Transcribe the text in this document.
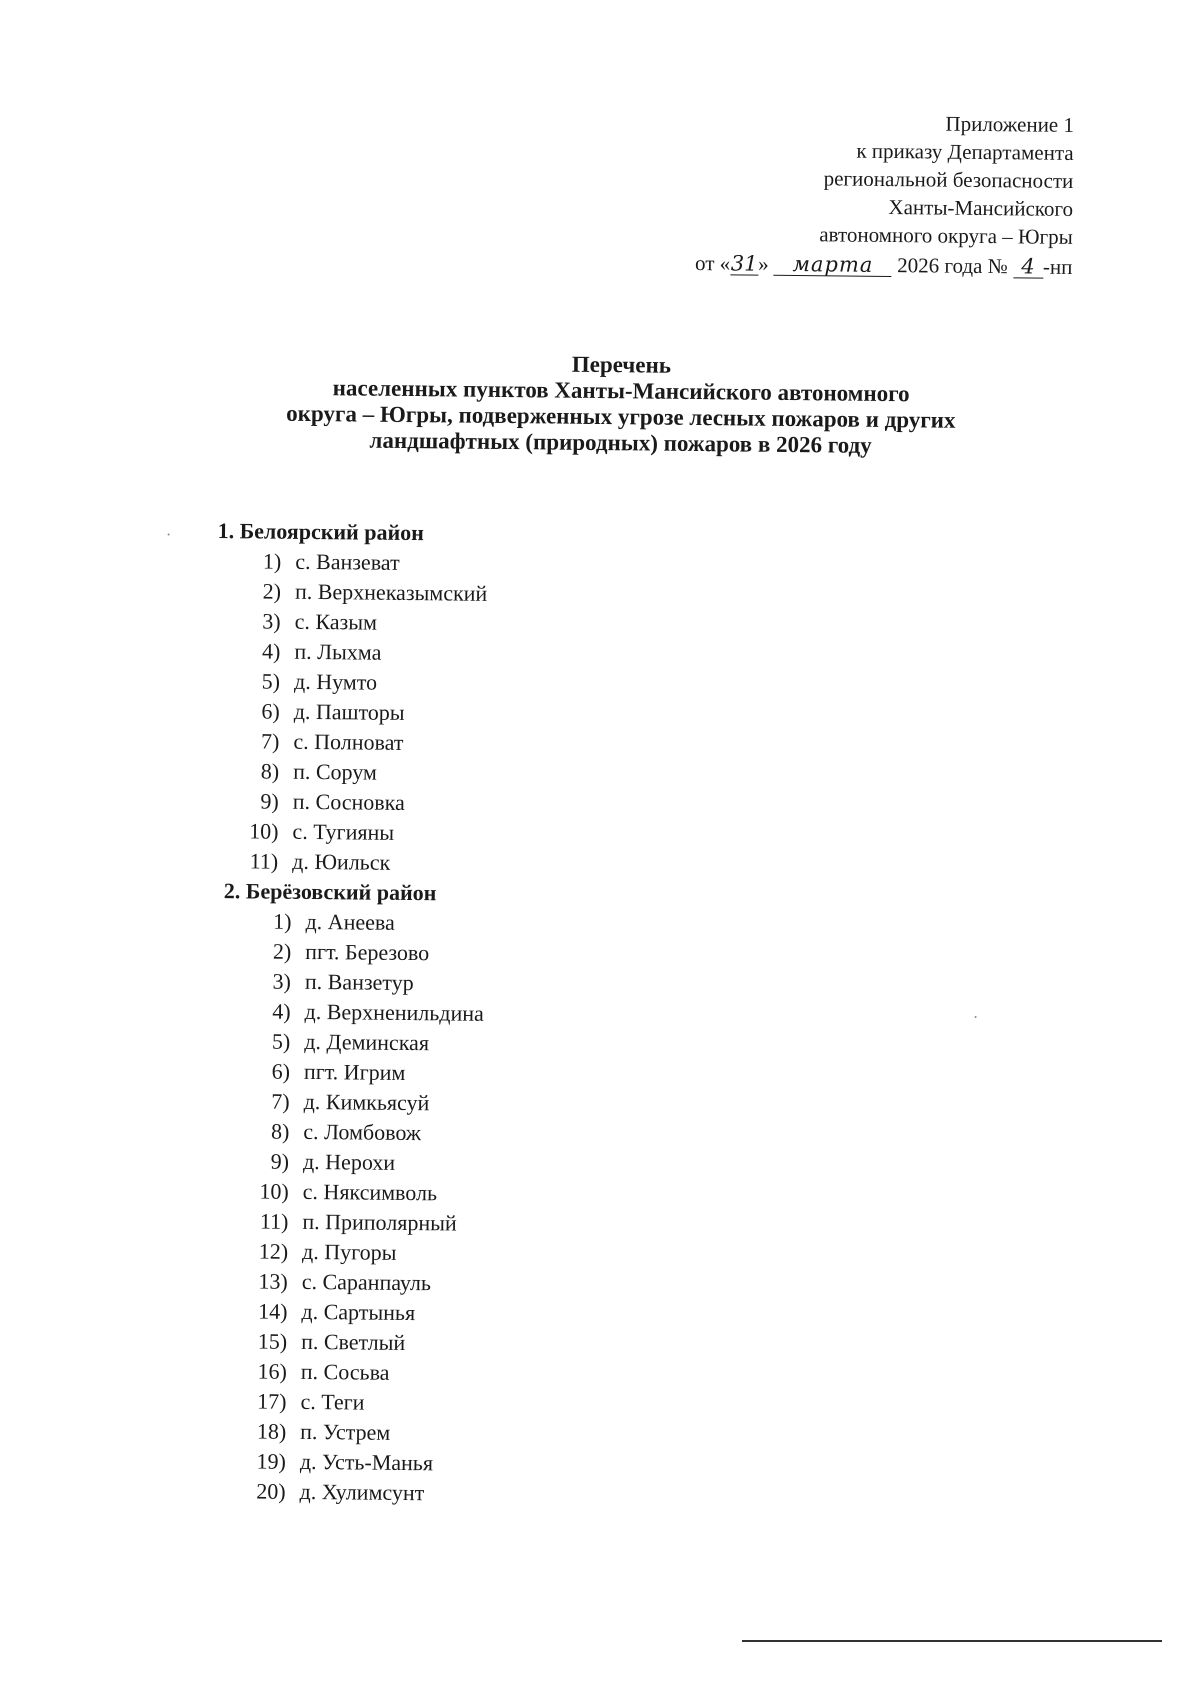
Приложение 1
к приказу Департамента
региональной безопасности
Ханты-Мансийского
автономного округа – Югры
от «31» марта 2026 года № 4 -нп
Перечень
населенных пунктов Ханты-Мансийского автономного
округа – Югры, подверженных угрозе лесных пожаров и других
ландшафтных (природных) пожаров в 2026 году
1. Белоярский район
1) с. Ванзеват
2) п. Верхнеказымский
3) с. Казым
4) п. Лыхма
5) д. Нумто
6) д. Пашторы
7) с. Полноват
8) п. Сорум
9) п. Сосновка
10) с. Тугияны
11) д. Юильск
2. Берёзовский район
1) д. Анеева
2) пгт. Березово
3) п. Ванзетур
4) д. Верхненильдина
5) д. Деминская
6) пгт. Игрим
7) д. Кимкьясуй
8) с. Ломбовож
9) д. Нерохи
10) с. Няксимволь
11) п. Приполярный
12) д. Пугоры
13) с. Саранпауль
14) д. Сартынья
15) п. Светлый
16) п. Сосьва
17) с. Теги
18) п. Устрем
19) д. Усть-Манья
20) д. Хулимсунт
